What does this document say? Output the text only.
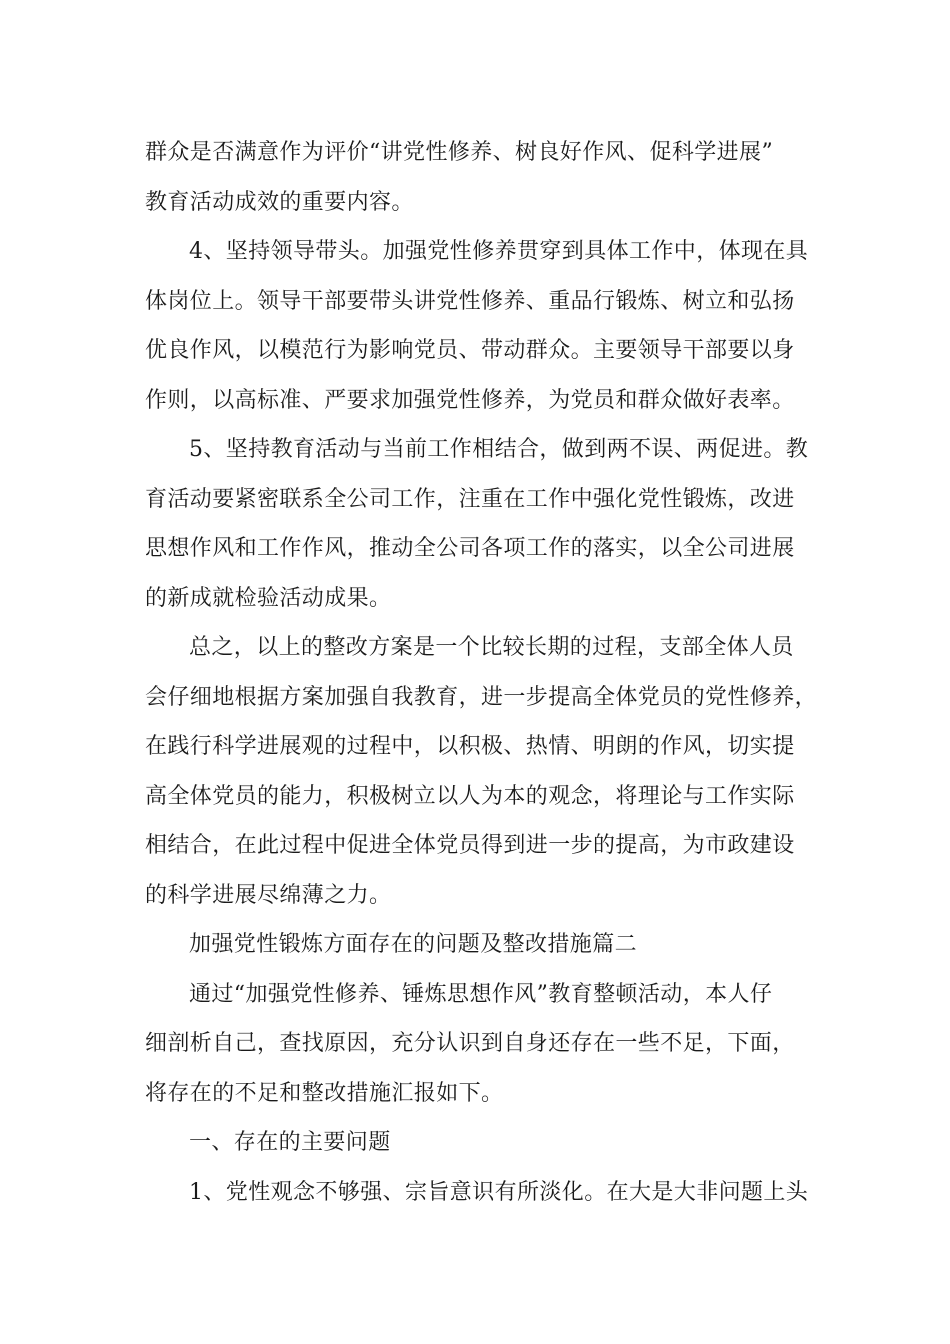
群众是否满意作为评价“讲党性修养、树良好作风、促科学进展”
教育活动成效的重要内容。
4、坚持领导带头。加强党性修养贯穿到具体工作中，体现在具
体岗位上。领导干部要带头讲党性修养、重品行锻炼、树立和弘扬
优良作风，以模范行为影响党员、带动群众。主要领导干部要以身
作则，以高标准、严要求加强党性修养，为党员和群众做好表率。
5、坚持教育活动与当前工作相结合，做到两不误、两促进。教
育活动要紧密联系全公司工作，注重在工作中强化党性锻炼，改进
思想作风和工作作风，推动全公司各项工作的落实，以全公司进展
的新成就检验活动成果。
总之，以上的整改方案是一个比较长期的过程，支部全体人员
会仔细地根据方案加强自我教育，进一步提高全体党员的党性修养，
在践行科学进展观的过程中，以积极、热情、明朗的作风，切实提
高全体党员的能力，积极树立以人为本的观念，将理论与工作实际
相结合，在此过程中促进全体党员得到进一步的提高，为市政建设
的科学进展尽绵薄之力。
加强党性锻炼方面存在的问题及整改措施篇二
通过“加强党性修养、锤炼思想作风”教育整顿活动，本人仔
细剖析自己，查找原因，充分认识到自身还存在一些不足，下面，
将存在的不足和整改措施汇报如下。
一、存在的主要问题
1、党性观念不够强、宗旨意识有所淡化。在大是大非问题上头
